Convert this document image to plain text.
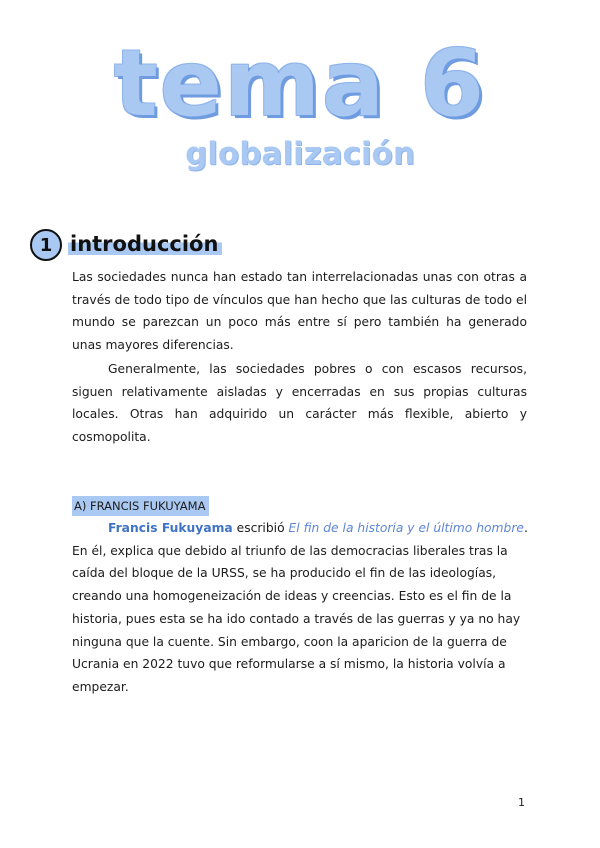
tema 6
globalización
1 introducción

Las sociedades nunca han estado tan interrelacionadas unas con otras a través de todo tipo de vínculos que han hecho que las culturas de todo el mundo se parezcan un poco más entre sí pero también ha generado unas mayores diferencias.

Generalmente, las sociedades pobres o con escasos recursos, siguen relativamente aisladas y encerradas en sus propias culturas locales. Otras han adquirido un carácter más flexible, abierto y cosmopolita.

A) FRANCIS FUKUYAMA

Francis Fukuyama escribió El fin de la historia y el último hombre. En él, explica que debido al triunfo de las democracias liberales tras la caída del bloque de la URSS, se ha producido el fin de las ideologías, creando una homogeneización de ideas y creencias. Esto es el fin de la historia, pues esta se ha ido contado a través de las guerras y ya no hay ninguna que la cuente. Sin embargo, coon la aparicion de la guerra de Ucrania en 2022 tuvo que reformularse a sí mismo, la historia volvía a empezar.

1
